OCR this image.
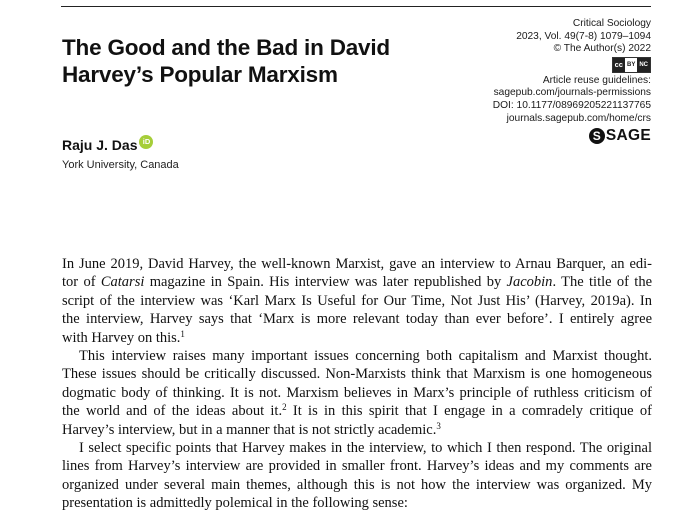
The Good and the Bad in David
Harvey’s Popular Marxism
Critical Sociology
2023, Vol. 49(7-8) 1079–1094
© The Author(s) 2022
cc BY NC
Article reuse guidelines:
sagepub.com/journals-permissions
DOI: 10.1177/08969205221137765
journals.sagepub.com/home/crs
S SAGE
Raju J. Das iD
York University, Canada
In June 2019, David Harvey, the well-known Marxist, gave an interview to Arnau Barquer, an edi-
tor of Catarsi magazine in Spain. His interview was later republished by Jacobin. The title of the
script of the interview was ‘Karl Marx Is Useful for Our Time, Not Just His’ (Harvey, 2019a). In
the interview, Harvey says that ‘Marx is more relevant today than ever before’. I entirely agree
with Harvey on this.$^1$
This interview raises many important issues concerning both capitalism and Marxist thought.
These issues should be critically discussed. Non-Marxists think that Marxism is one homogeneous
dogmatic body of thinking. It is not. Marxism believes in Marx’s principle of ruthless criticism of
the world and of the ideas about it.$^2$ It is in this spirit that I engage in a comradely critique of
Harvey’s interview, but in a manner that is not strictly academic.$^3$
I select specific points that Harvey makes in the interview, to which I then respond. The original
lines from Harvey’s interview are provided in smaller front. Harvey’s ideas and my comments are
organized under several main themes, although this is not how the interview was organized. My
presentation is admittedly polemical in the following sense:
